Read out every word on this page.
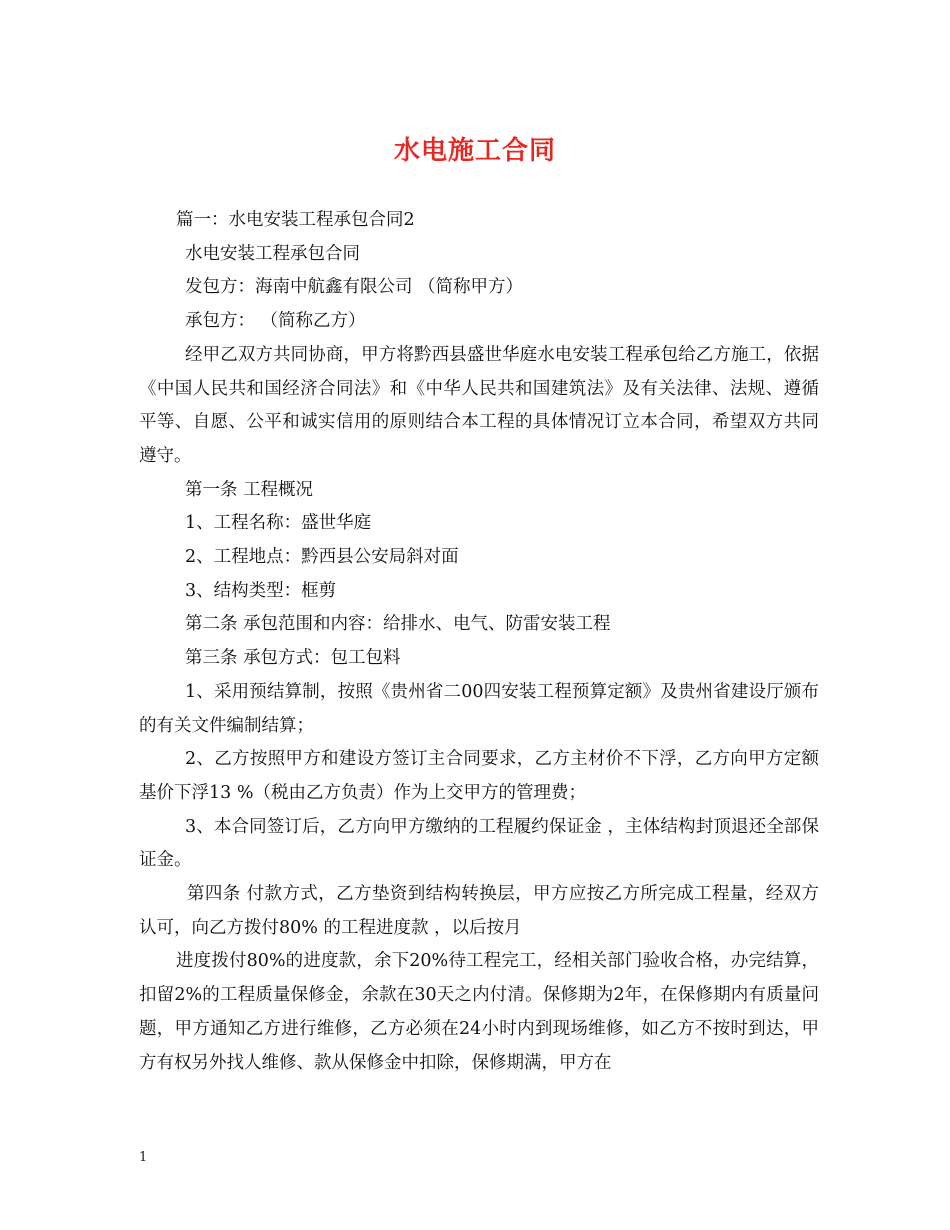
水电施工合同

篇一：水电安装工程承包合同2

水电安装工程承包合同

发包方：海南中航鑫有限公司 （简称甲方）

承包方： （简称乙方）

经甲乙双方共同协商，甲方将黔西县盛世华庭水电安装工程承包给乙方施工，依据《中国人民共和国经济合同法》和《中华人民共和国建筑法》及有关法律、法规、遵循平等、自愿、公平和诚实信用的原则结合本工程的具体情况订立本合同，希望双方共同遵守。

第一条 工程概况

1、工程名称：盛世华庭

2、工程地点：黔西县公安局斜对面

3、结构类型：框剪

第二条 承包范围和内容：给排水、电气、防雷安装工程

第三条 承包方式：包工包料

1、采用预结算制，按照《贵州省二00四安装工程预算定额》及贵州省建设厅颁布的有关文件编制结算；

2、乙方按照甲方和建设方签订主合同要求，乙方主材价不下浮，乙方向甲方定额基价下浮13 %（税由乙方负责）作为上交甲方的管理费；

3、本合同签订后，乙方向甲方缴纳的工程履约保证金 ，主体结构封顶退还全部保证金。

第四条 付款方式，乙方垫资到结构转换层，甲方应按乙方所完成工程量，经双方认可，向乙方拨付80% 的工程进度款 ，以后按月

进度拨付80%的进度款，余下20%待工程完工，经相关部门验收合格，办完结算，扣留2%的工程质量保修金，余款在30天之内付清。保修期为2年，在保修期内有质量问题，甲方通知乙方进行维修，乙方必须在24小时内到现场维修，如乙方不按时到达，甲方有权另外找人维修、款从保修金中扣除，保修期满，甲方在

1
